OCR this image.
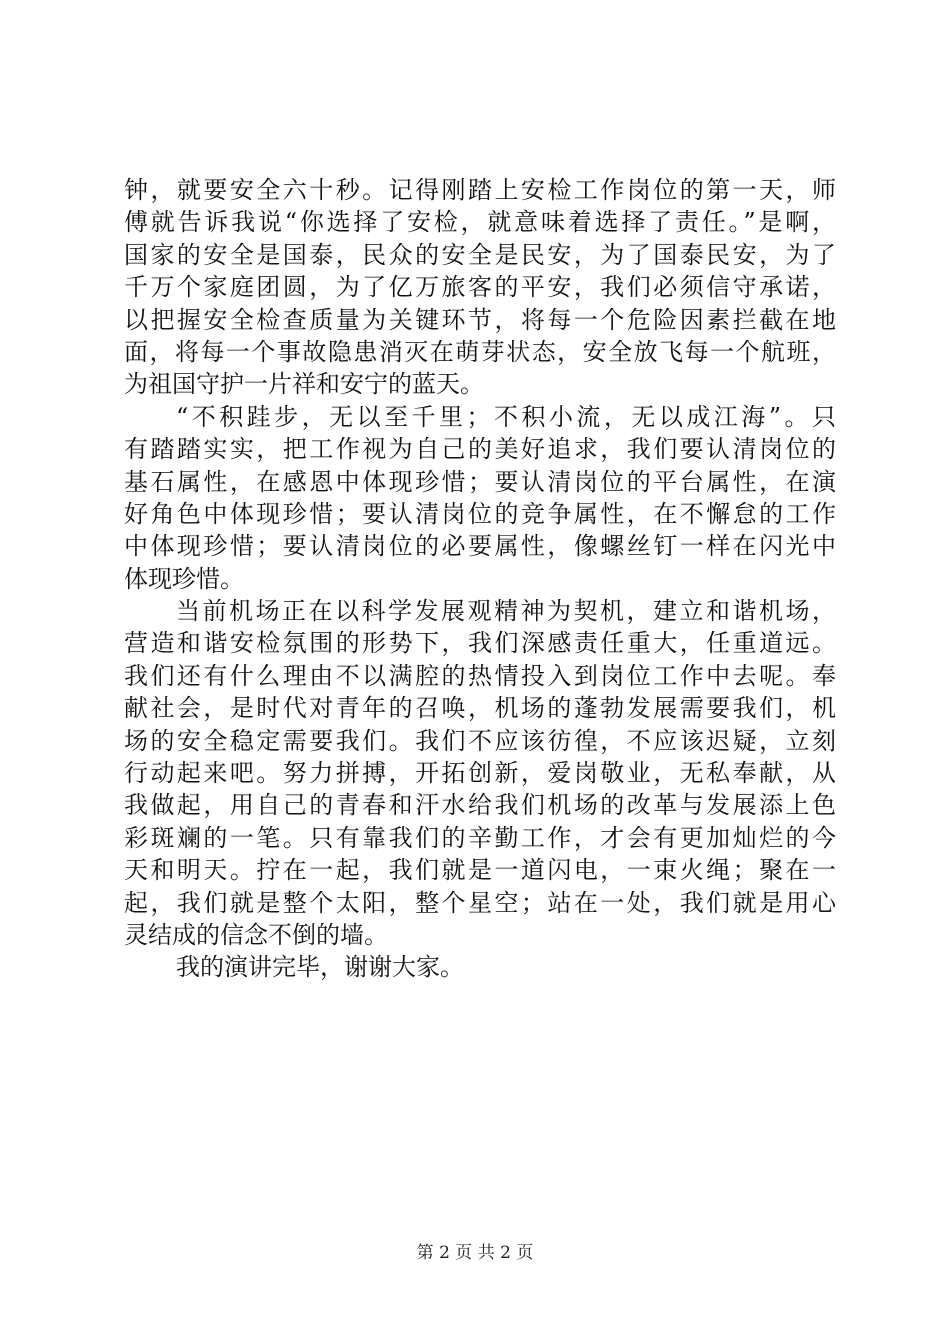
钟，就要安全六十秒。记得刚踏上安检工作岗位的第一天，师
傅就告诉我说“你选择了安检，就意味着选择了责任。”是啊，
国家的安全是国泰，民众的安全是民安，为了国泰民安，为了
千万个家庭团圆，为了亿万旅客的平安，我们必须信守承诺，
以把握安全检查质量为关键环节，将每一个危险因素拦截在地
面，将每一个事故隐患消灭在萌芽状态，安全放飞每一个航班，
为祖国守护一片祥和安宁的蓝天。
“不积跬步，无以至千里；不积小流，无以成江海”。只
有踏踏实实，把工作视为自己的美好追求，我们要认清岗位的
基石属性，在感恩中体现珍惜；要认清岗位的平台属性，在演
好角色中体现珍惜；要认清岗位的竞争属性，在不懈怠的工作
中体现珍惜；要认清岗位的必要属性，像螺丝钉一样在闪光中
体现珍惜。
当前机场正在以科学发展观精神为契机，建立和谐机场，
营造和谐安检氛围的形势下，我们深感责任重大，任重道远。
我们还有什么理由不以满腔的热情投入到岗位工作中去呢。奉
献社会，是时代对青年的召唤，机场的蓬勃发展需要我们，机
场的安全稳定需要我们。我们不应该彷徨，不应该迟疑，立刻
行动起来吧。努力拼搏，开拓创新，爱岗敬业，无私奉献，从
我做起，用自己的青春和汗水给我们机场的改革与发展添上色
彩斑斓的一笔。只有靠我们的辛勤工作，才会有更加灿烂的今
天和明天。拧在一起，我们就是一道闪电，一束火绳；聚在一
起，我们就是整个太阳，整个星空；站在一处，我们就是用心
灵结成的信念不倒的墙。
我的演讲完毕，谢谢大家。
第 2 页 共 2 页
